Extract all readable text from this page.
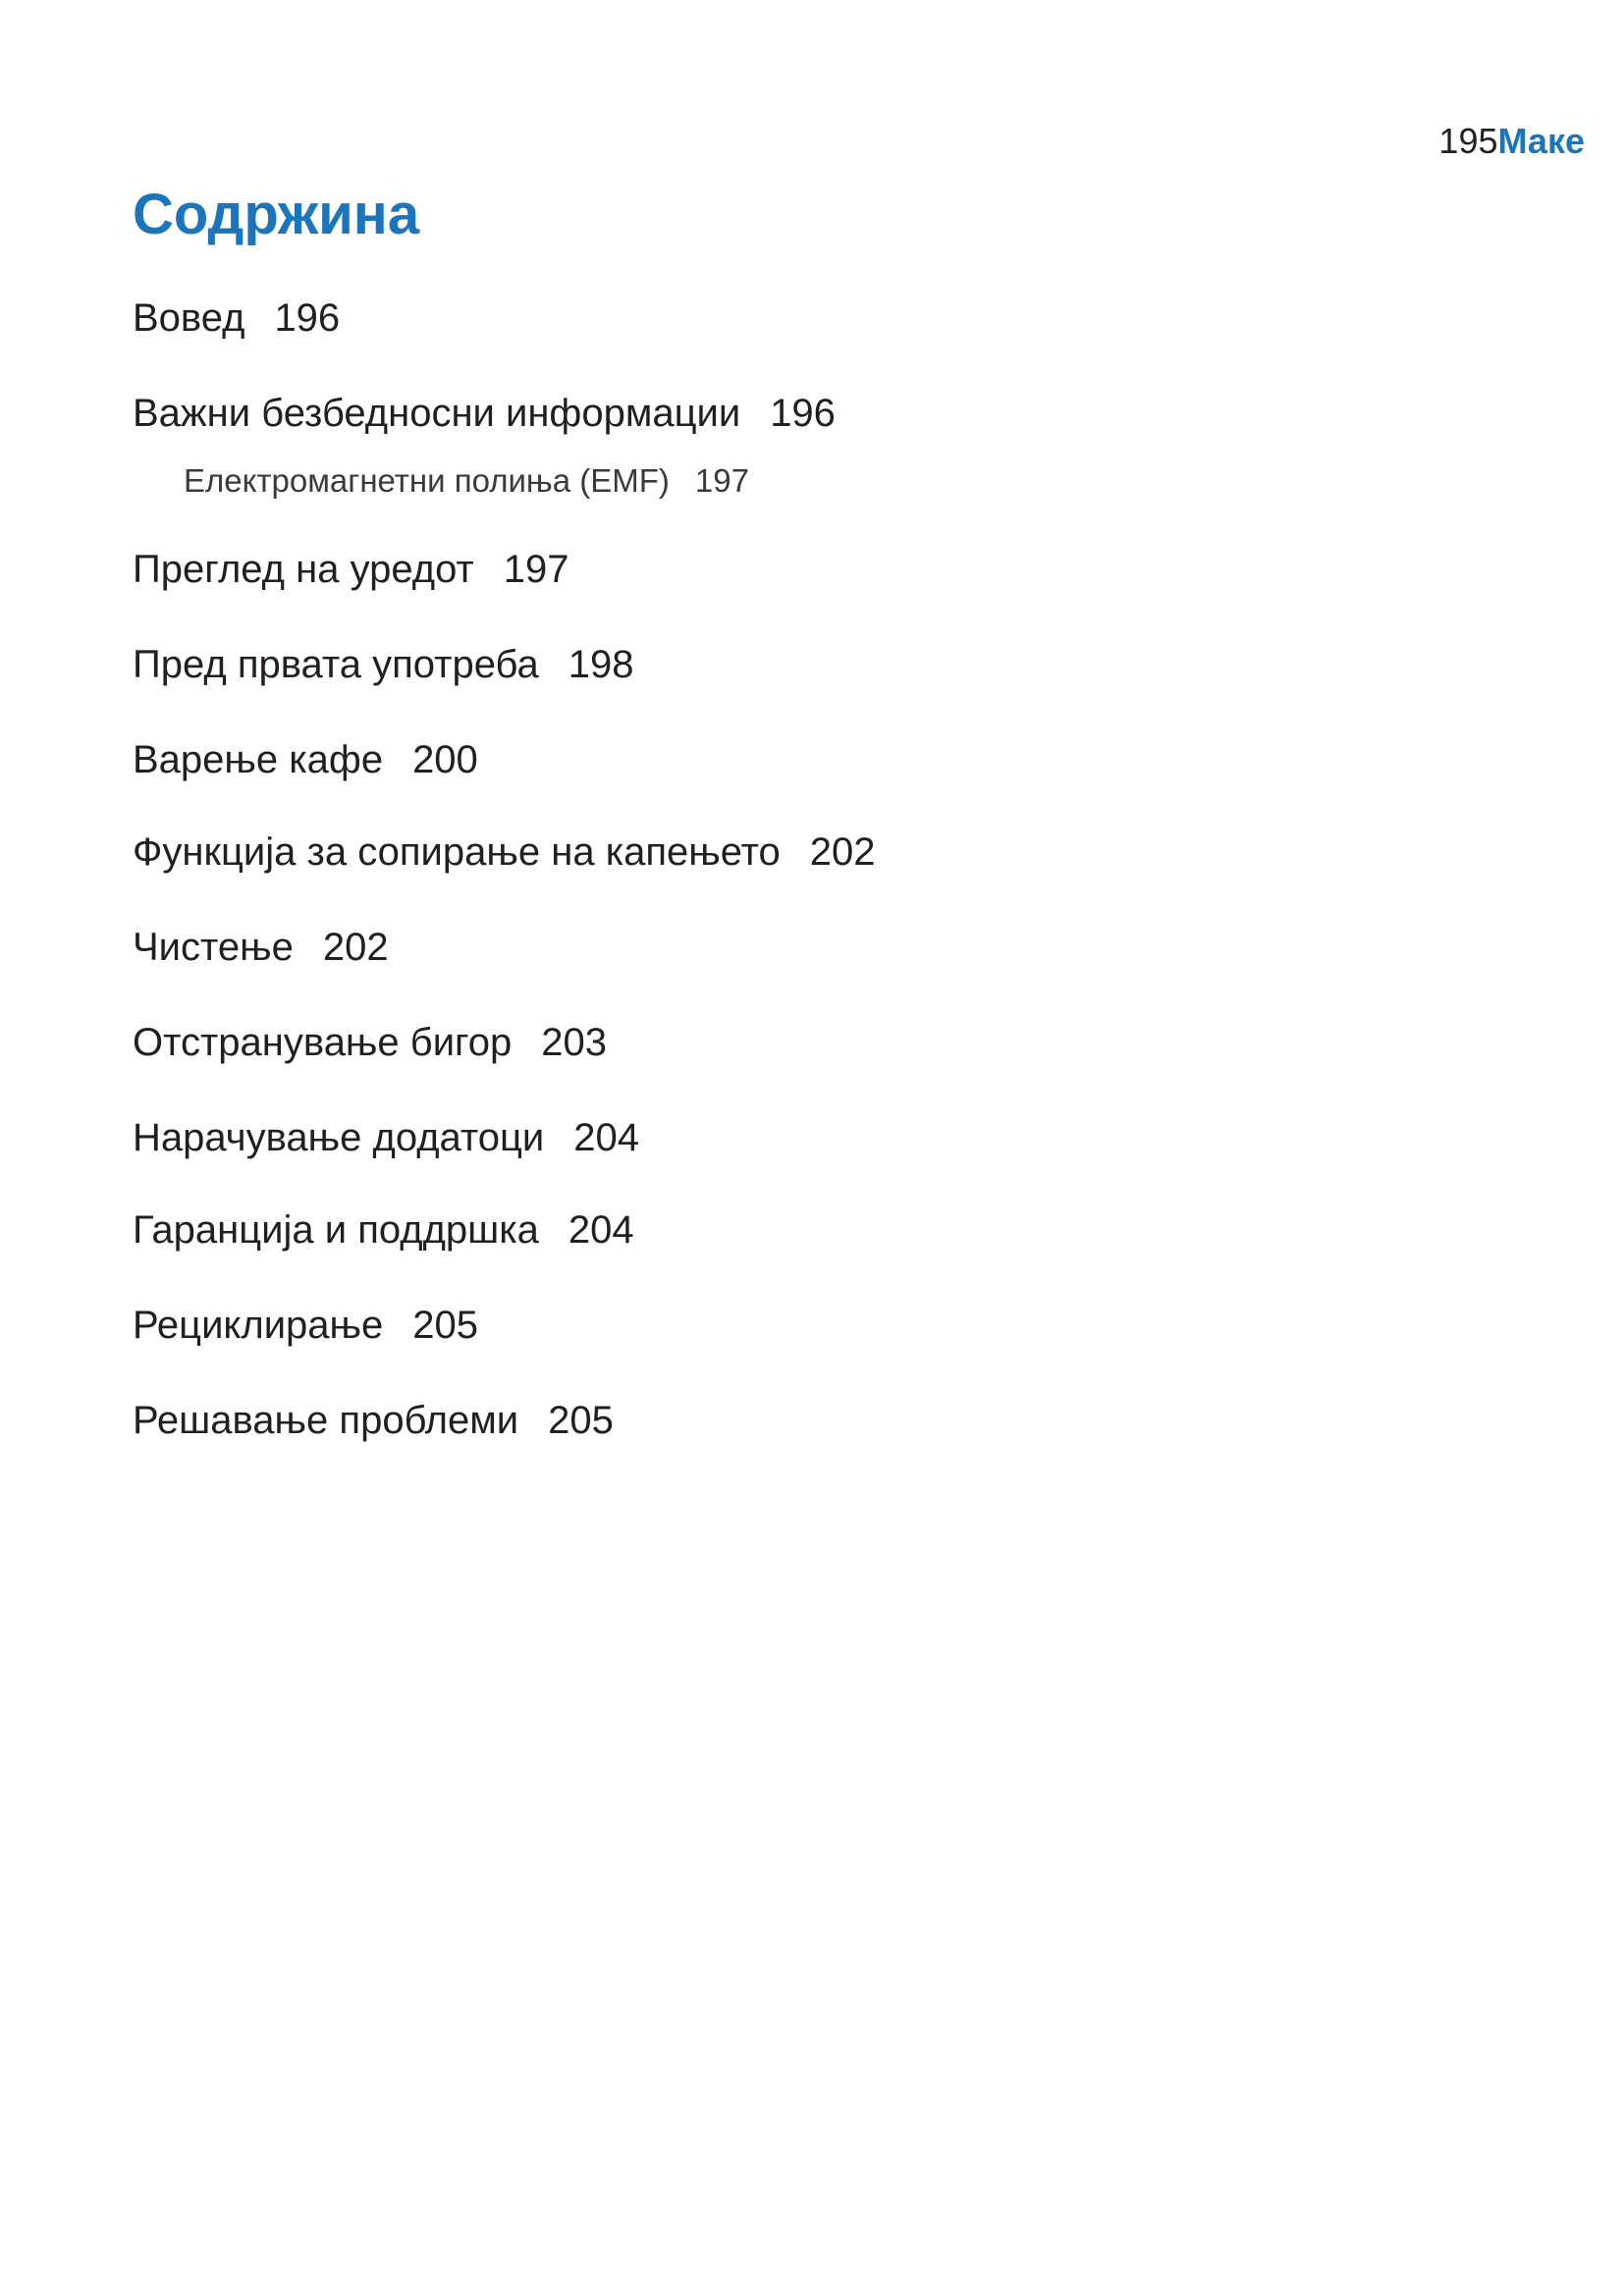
195Маке
Содржина
Вовед 196
Важни безбедносни информации 196
Електромагнетни полиња (EMF) 197
Преглед на уредот 197
Пред првата употреба 198
Варење кафе 200
Функција за сопирање на капењето 202
Чистење 202
Отстранување бигор 203
Нарачување додатоци 204
Гаранција и поддршка 204
Рециклирање 205
Решавање проблеми 205
